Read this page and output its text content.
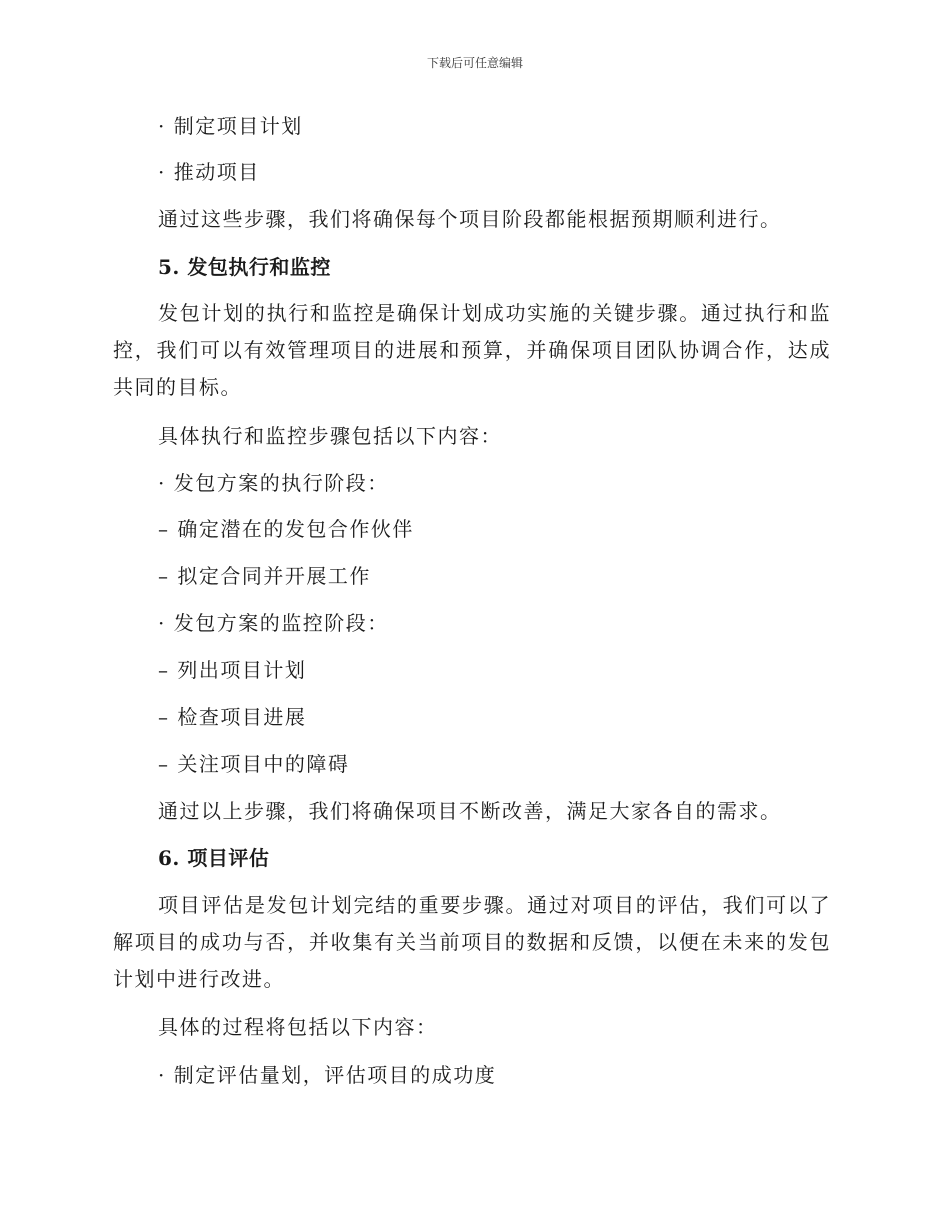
下载后可任意编辑
· 制定项目计划
· 推动项目
通过这些步骤，我们将确保每个项目阶段都能根据预期顺利进行。
5. 发包执行和监控
发包计划的执行和监控是确保计划成功实施的关键步骤。通过执行和监
控，我们可以有效管理项目的进展和预算，并确保项目团队协调合作，达成
共同的目标。
具体执行和监控步骤包括以下内容：
· 发包方案的执行阶段：
– 确定潜在的发包合作伙伴
– 拟定合同并开展工作
· 发包方案的监控阶段：
– 列出项目计划
– 检查项目进展
– 关注项目中的障碍
通过以上步骤，我们将确保项目不断改善，满足大家各自的需求。
6. 项目评估
项目评估是发包计划完结的重要步骤。通过对项目的评估，我们可以了
解项目的成功与否，并收集有关当前项目的数据和反馈，以便在未来的发包
计划中进行改进。
具体的过程将包括以下内容：
· 制定评估量划，评估项目的成功度
